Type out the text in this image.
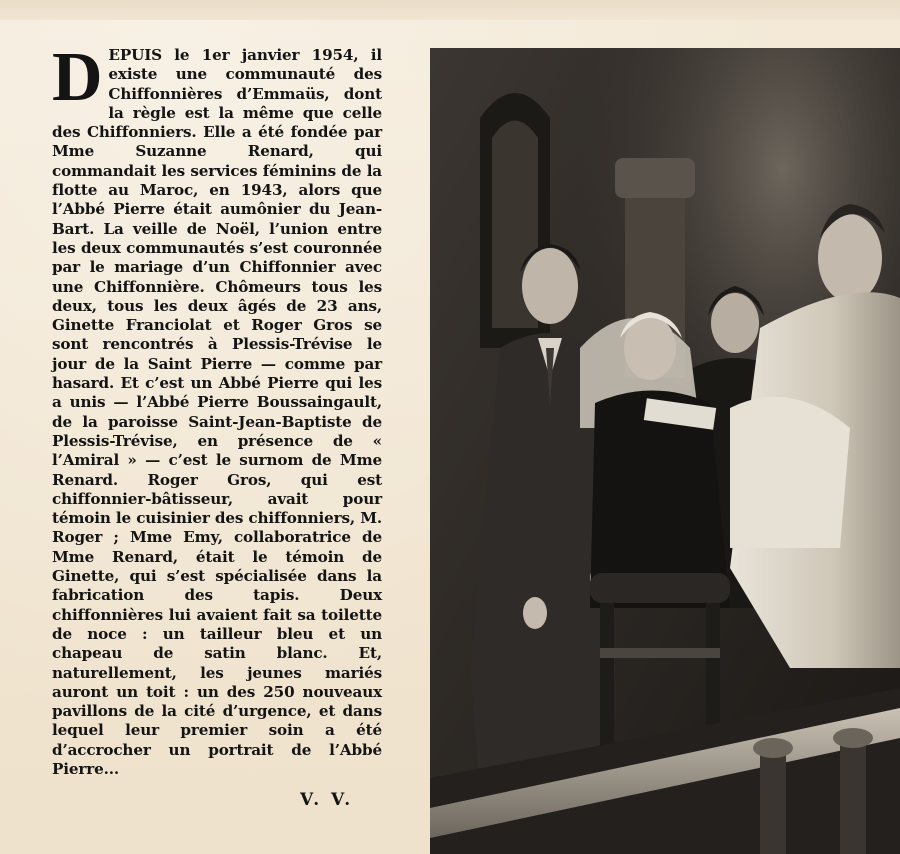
DEPUIS le 1er janvier 1954, il existe une communauté des Chiffonnières d’Emmaüs, dont la règle est la même que celle des Chiffonniers. Elle a été fondée par Mme Suzanne Renard, qui commandait les services féminins de la flotte au Maroc, en 1943, alors que l’Abbé Pierre était aumônier du Jean-Bart. La veille de Noël, l’union entre les deux communautés s’est couronnée par le mariage d’un Chiffonnier avec une Chiffonnière. Chômeurs tous les deux, tous les deux âgés de 23 ans, Ginette Franciolat et Roger Gros se sont rencontrés à Plessis-Trévise le jour de la Saint Pierre — comme par hasard. Et c’est un Abbé Pierre qui les a unis — l’Abbé Pierre Boussaingault, de la paroisse Saint-Jean-Baptiste de Plessis-Trévise, en présence de « l’Amiral » — c’est le surnom de Mme Renard. Roger Gros, qui est chiffonnier-bâtisseur, avait pour témoin le cuisinier des chiffonniers, M. Roger ; Mme Emy, collaboratrice de Mme Renard, était le témoin de Ginette, qui s’est spécialisée dans la fabrication des tapis. Deux chiffonnières lui avaient fait sa toilette de noce : un tailleur bleu et un chapeau de satin blanc. Et, naturellement, les jeunes mariés auront un toit : un des 250 nouveaux pavillons de la cité d’urgence, et dans lequel leur premier soin a été d’accrocher un portrait de l’Abbé Pierre...

V. V.
